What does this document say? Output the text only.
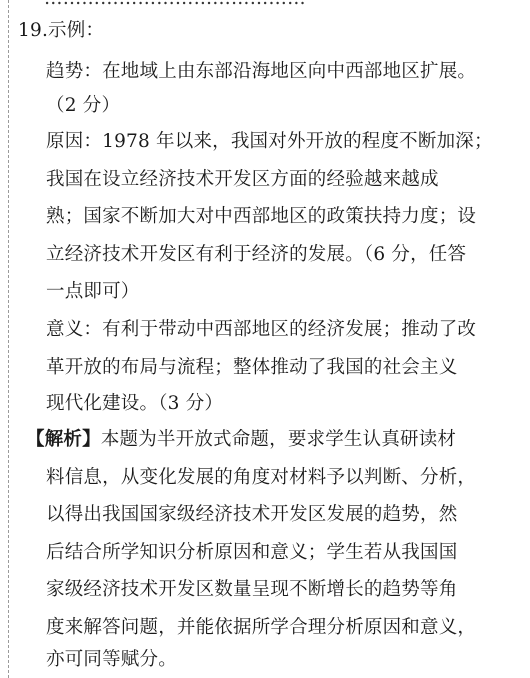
19.示例：
趋势：在地域上由东部沿海地区向中西部地区扩展。
（2 分）
原因：1978 年以来，我国对外开放的程度不断加深；
我国在设立经济技术开发区方面的经验越来越成
熟；国家不断加大对中西部地区的政策扶持力度；设
立经济技术开发区有利于经济的发展。（6 分，任答
一点即可）
意义：有利于带动中西部地区的经济发展；推动了改
革开放的布局与流程；整体推动了我国的社会主义
现代化建设。（3 分）
【解析】本题为半开放式命题，要求学生认真研读材
料信息，从变化发展的角度对材料予以判断、分析，
以得出我国国家级经济技术开发区发展的趋势，然
后结合所学知识分析原因和意义；学生若从我国国
家级经济技术开发区数量呈现不断增长的趋势等角
度来解答问题，并能依据所学合理分析原因和意义，
亦可同等赋分。
